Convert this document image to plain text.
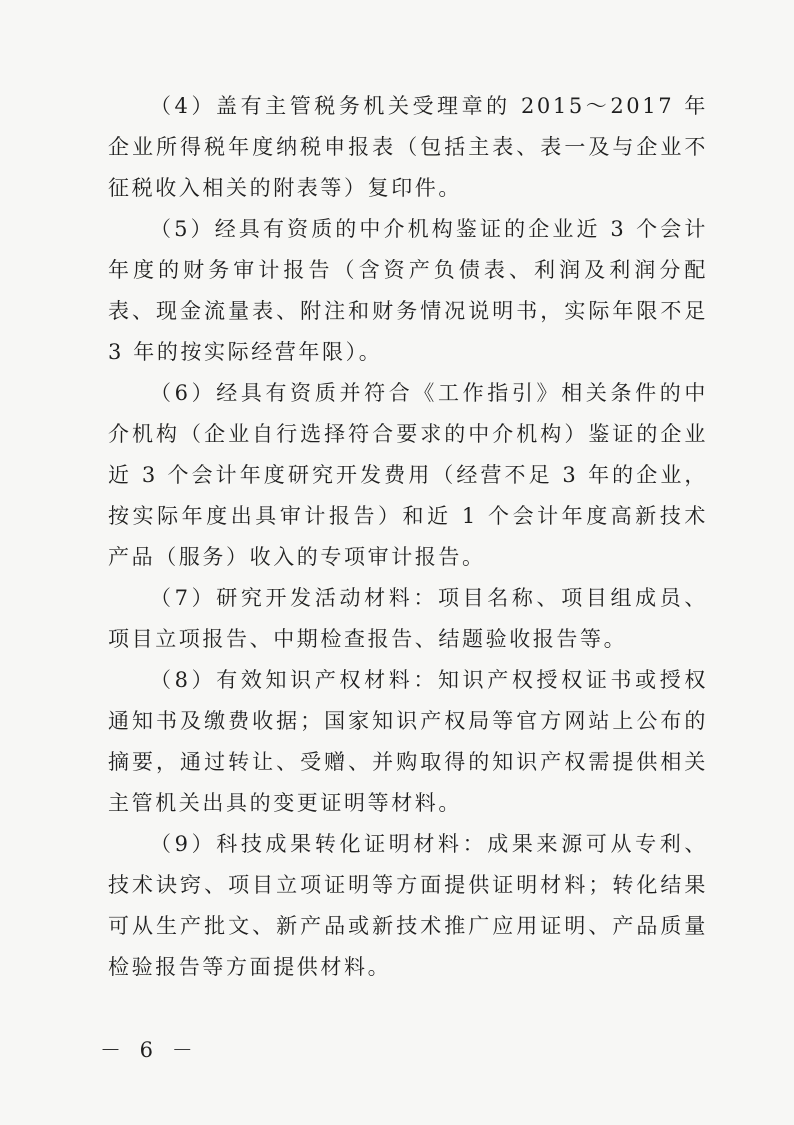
（4）盖有主管税务机关受理章的 2015～2017 年企业所得税年度纳税申报表（包括主表、表一及与企业不征税收入相关的附表等）复印件。

（5）经具有资质的中介机构鉴证的企业近 3 个会计年度的财务审计报告（含资产负债表、利润及利润分配表、现金流量表、附注和财务情况说明书，实际年限不足 3 年的按实际经营年限）。

（6）经具有资质并符合《工作指引》相关条件的中介机构（企业自行选择符合要求的中介机构）鉴证的企业近 3 个会计年度研究开发费用（经营不足 3 年的企业，按实际年度出具审计报告）和近 1 个会计年度高新技术产品（服务）收入的专项审计报告。

（7）研究开发活动材料：项目名称、项目组成员、项目立项报告、中期检查报告、结题验收报告等。

（8）有效知识产权材料：知识产权授权证书或授权通知书及缴费收据；国家知识产权局等官方网站上公布的摘要，通过转让、受赠、并购取得的知识产权需提供相关主管机关出具的变更证明等材料。

（9）科技成果转化证明材料：成果来源可从专利、技术诀窍、项目立项证明等方面提供证明材料；转化结果可从生产批文、新产品或新技术推广应用证明、产品质量检验报告等方面提供材料。

－ 6 －
